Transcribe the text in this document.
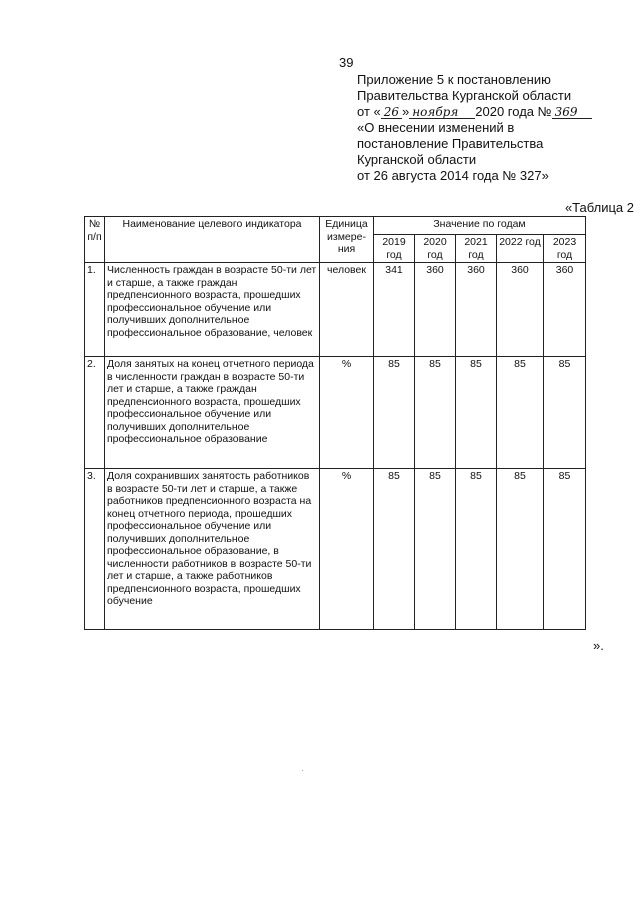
39
Приложение 5 к постановлению
Правительства Курганской области
от « 26 » ноября 2020 года № 369
«О внесении изменений в
постановление Правительства
Курганской области
от 26 августа 2014 года № 327»
«Таблица 2
№ п/п	Наименование целевого индикатора	Единица измере-ния	Значение по годам				
			2019 год	2020 год	2021 год	2022 год	2023 год
1.	Численность граждан в возрасте 50-ти лет и старше, а также граждан предпенсионного возраста, прошедших профессиональное обучение или получивших дополнительное профессиональное образование, человек	человек	341	360	360	360	360
2.	Доля занятых на конец отчетного периода в численности граждан в возрасте 50-ти лет и старше, а также граждан предпенсионного возраста, прошедших профессиональное обучение или получивших дополнительное профессиональное образование	%	85	85	85	85	85
3.	Доля сохранивших занятость работников в возрасте 50-ти лет и старше, а также работников предпенсионного возраста на конец отчетного периода, прошедших профессиональное обучение или получивших дополнительное профессиональное образование, в численности работников в возрасте 50-ти лет и старше, а также работников предпенсионного возраста, прошедших обучение	%	85	85	85	85	85
».
